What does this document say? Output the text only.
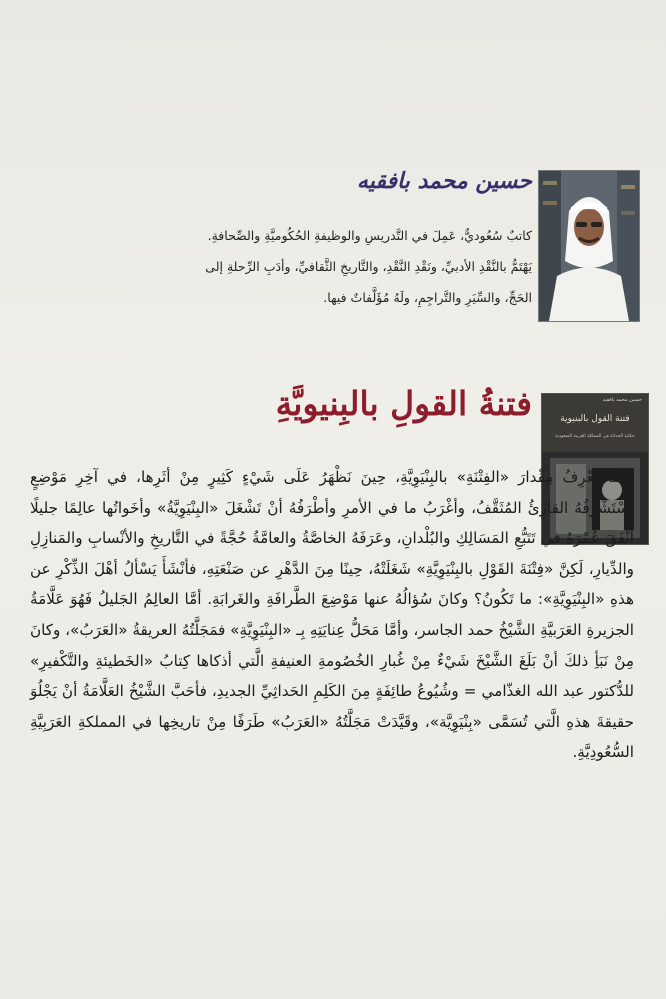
حسين محمد بافقيه

كاتبٌ سُعُوديٌّ، عَمِلَ في التَّدريسِ والوظيفةِ الحُكُوميَّةِ والصِّحافةِ.

يَهْتَمُّ بالنَّقْدِ الأدبيِّ، ونَقْدِ النَّقْدِ، والتَّاريخِ الثَّقافيِّ، وأدَبِ الرِّحلةِ إلى

الحَجِّ، والسِّيَرِ والتَّراجِمِ، ولَهُ مُؤَلَّفاتٌ فيها.

حسين محمد بافقيه
فتنة القول بالبنيوية
حكاية الحداثة في المملكة العربية السعودية
فتنةُ القولِ بالبِنيويَّةِ

لكنَّنا نَعْرِفُ مِقْدارَ «الفِتْنَةِ» بالبِنْيَوِيَّةِ، حِينَ نَظْهَرُ عَلَى شَيْءٍ كَثِيرٍ مِنْ أثَرِها، في آخِرِ مَوْضِعٍ يَسْتَشْرِفُهُ القارِئُ المُثَقَّفُ، وأغْرَبُ ما في الأمرِ وأطْرَفُهُ أنْ تَشْغَلَ «البِنْيَوِيَّةُ» وأخَواتُها عالِمًا جليلًا أنْفَقَ عُمْرَهُ في تَتَبُّعِ المَسَالِكِ والبُلْدانِ، وعَرَفَهُ الخاصَّةُ والعامَّةُ حُجَّةً في التَّاريخِ والأنْسابِ والمَنازِلِ والدِّيارِ، لَكِنَّ «فِتْنَةَ القَوْلِ بالبِنْيَوِيَّةِ» شَغَلَتْهُ، حِينًا مِنَ الدَّهْرِ عن صَنْعَتِهِ، فأنْشَأَ يَسْألُ أهْلَ الذِّكْرِ عن هذهِ «البِنْيَوِيَّةِ»: ما تَكُونُ؟ وكانَ سُؤالُهُ عنها مَوْضِعَ الطَّرافَةِ والغَرابَةِ. أمَّا العالِمُ الجَليلُ فَهُوَ عَلَّامَةُ الجزيرةِ العَرَبيَّةِ الشَّيْخُ حمد الجاسر، وأمَّا مَحَلُّ عِنايَتِهِ بِـ «البِنْيَوِيَّةِ» فمَجَلَّتُهُ العريقةُ «العَرَبُ»، وكانَ مِنْ نَبَأِ ذلكَ أنْ بَلَغَ الشَّيْخَ شَيْءٌ مِنْ غُبارِ الخُصُومةِ العنيفةِ الَّتي أذكاها كِتابُ «الخَطيئةِ والتَّكْفيرِ» للدُّكتور عبد الله الغذّامي = وشُيُوعُ طائِفَةٍ مِنَ الكَلِمِ الحَداثِيِّ الجديدِ، فأحَبَّ الشَّيْخُ العَلَّامَةُ أنْ يَجْلُوَ حقيقةَ هذهِ الَّتي تُسَمَّى «بِنْيَوِيَّة»، وقَيَّدَتْ مَجَلَّتُهُ «العَرَبُ» طَرَفًا مِنْ تاريخِها في المملكةِ العَرَبِيَّةِ السُّعُودِيَّةِ.
